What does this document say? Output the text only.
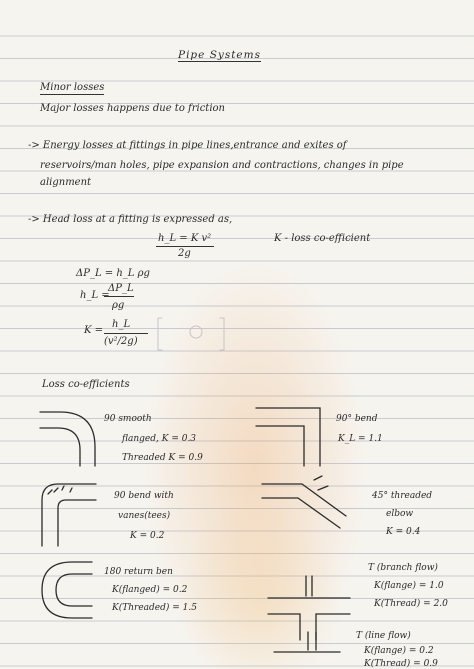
Pipe Systems
Minor losses
Major losses happens due to friction
-> Energy losses at fittings in pipe lines,entrance and exites of
reservoirs/man holes, pipe expansion and contractions, changes in pipe
alignment
-> Head loss at a fitting is expressed as,
h_L = K v²
2g
K - loss co-efficient
ΔP_L = h_L ρg
h_L =
ΔP_L
ρg
K =
h_L
(v²/2g)
Loss co-efficients
90 smooth
flanged, K = 0.3
Threaded K = 0.9
90° bend
K_L = 1.1
90 bend with
vanes(tees)
K = 0.2
45° threaded
elbow
K = 0.4
180 return ben
K(flanged) = 0.2
K(Threaded) = 1.5
T (branch flow)
K(flange) = 1.0
K(Thread) = 2.0
T (line flow)
K(flange) = 0.2
K(Thread) = 0.9
